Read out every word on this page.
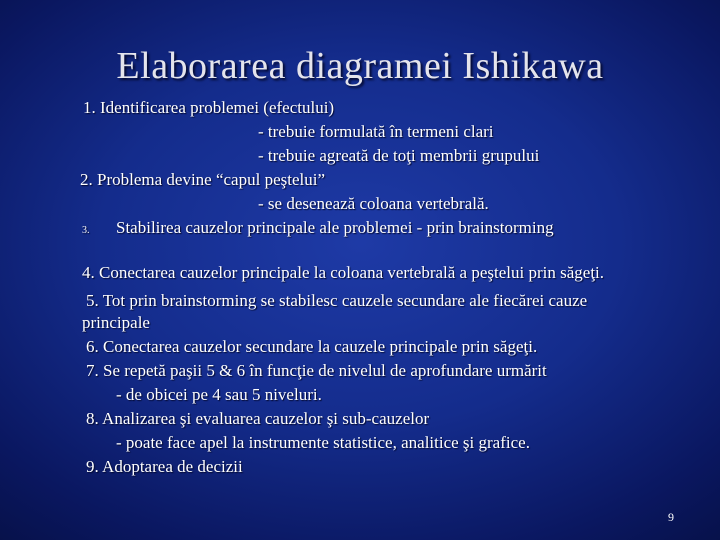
Elaborarea diagramei Ishikawa
1. Identificarea problemei (efectului)
- trebuie formulată în termeni clari
- trebuie agreată de toţi membrii grupului
2. Problema devine “capul peştelui”
- se desenează coloana vertebrală.
3. Stabilirea cauzelor principale ale problemei - prin brainstorming
4. Conectarea cauzelor principale la coloana vertebrală a peştelui prin săgeţi.
5. Tot prin brainstorming se stabilesc cauzele secundare ale fiecărei cauze
principale
6. Conectarea cauzelor secundare la cauzele principale prin săgeţi.
7. Se repetă paşii 5 & 6 în funcţie de nivelul de aprofundare urmărit
- de obicei pe 4 sau 5 niveluri.
8. Analizarea şi evaluarea cauzelor şi sub-cauzelor
- poate face apel la instrumente statistice, analitice şi grafice.
9. Adoptarea de decizii
9
